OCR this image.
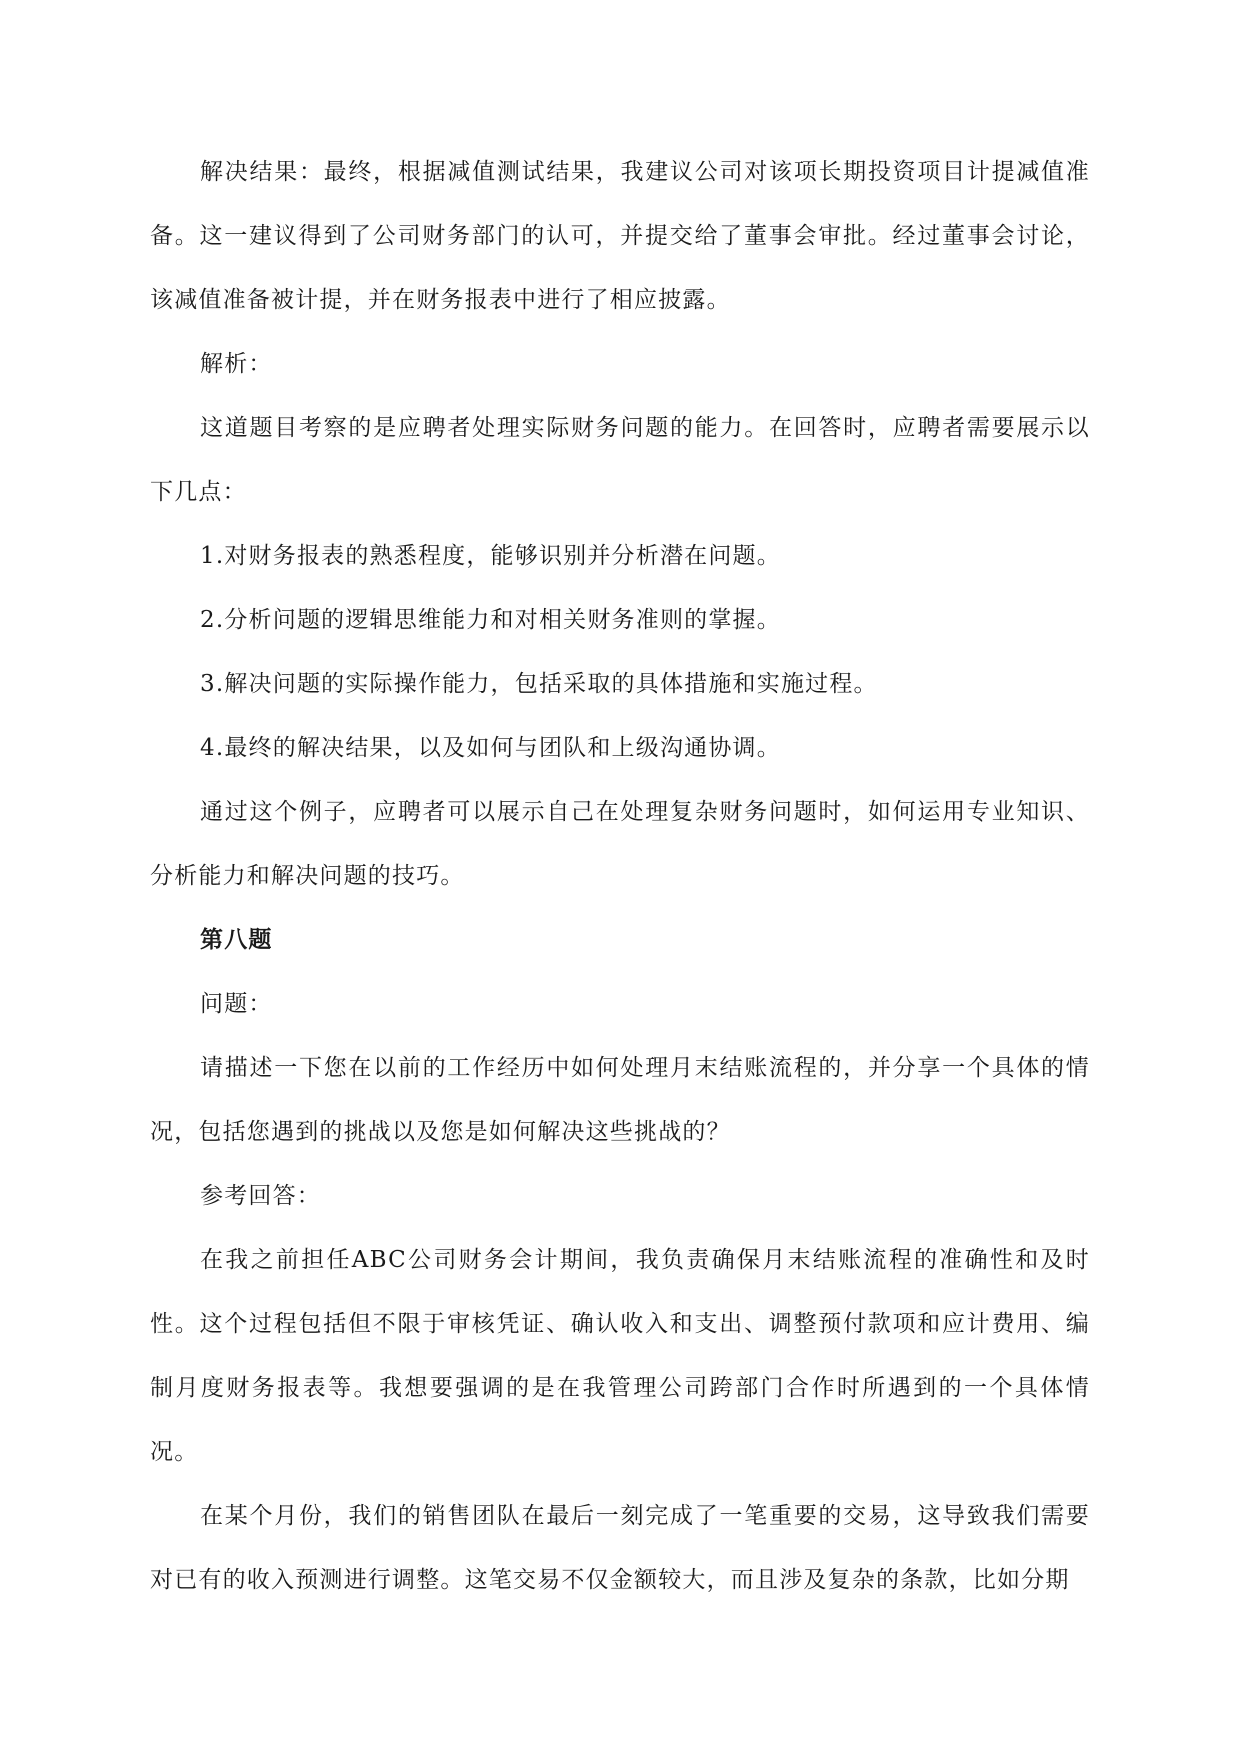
解决结果：最终，根据减值测试结果，我建议公司对该项长期投资项目计提减值准备。这一建议得到了公司财务部门的认可，并提交给了董事会审批。经过董事会讨论，该减值准备被计提，并在财务报表中进行了相应披露。

解析：

这道题目考察的是应聘者处理实际财务问题的能力。在回答时，应聘者需要展示以下几点：

1.对财务报表的熟悉程度，能够识别并分析潜在问题。

2.分析问题的逻辑思维能力和对相关财务准则的掌握。

3.解决问题的实际操作能力，包括采取的具体措施和实施过程。

4.最终的解决结果，以及如何与团队和上级沟通协调。

通过这个例子，应聘者可以展示自己在处理复杂财务问题时，如何运用专业知识、分析能力和解决问题的技巧。

第八题

问题：

请描述一下您在以前的工作经历中如何处理月末结账流程的，并分享一个具体的情况，包括您遇到的挑战以及您是如何解决这些挑战的？

参考回答：

在我之前担任ABC公司财务会计期间，我负责确保月末结账流程的准确性和及时性。这个过程包括但不限于审核凭证、确认收入和支出、调整预付款项和应计费用、编制月度财务报表等。我想要强调的是在我管理公司跨部门合作时所遇到的一个具体情况。

在某个月份，我们的销售团队在最后一刻完成了一笔重要的交易，这导致我们需要对已有的收入预测进行调整。这笔交易不仅金额较大，而且涉及复杂的条款，比如分期
